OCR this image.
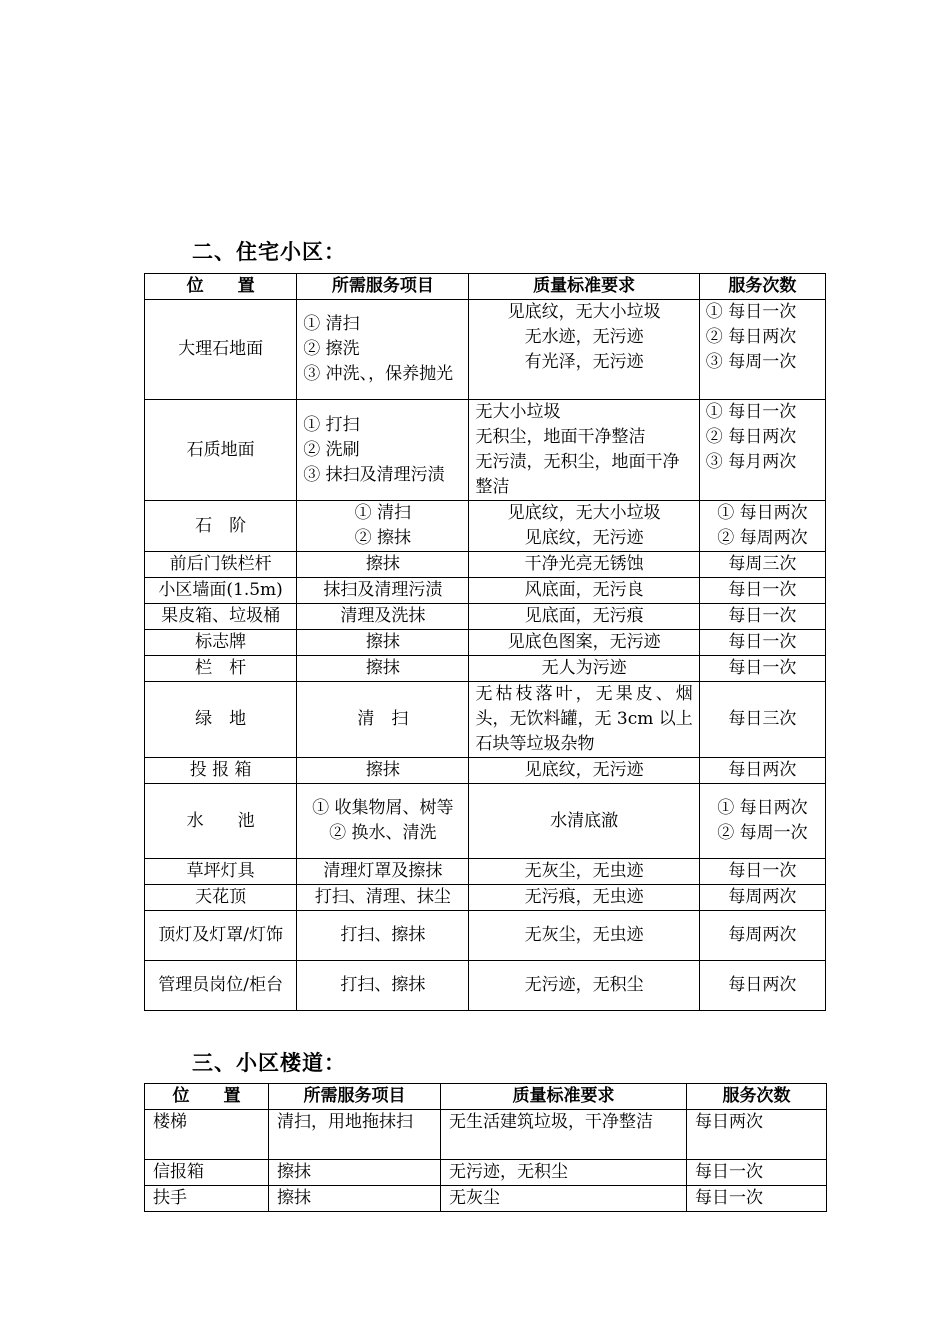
二、住宅小区：
位　　置	所需服务项目	质量标准要求	服务次数
大理石地面	① 清扫
② 擦洗
③ 冲洗、，保养抛光	见底纹，无大小垃圾
无水迹，无污迹
有光泽，无污迹	① 每日一次
② 每日两次
③ 每周一次

石质地面	① 打扫
② 洗刷
③ 抹扫及清理污渍	无大小垃圾
无积尘，地面干净整洁
无污渍，无积尘，地面干净整洁	① 每日一次
② 每日两次
③ 每月两次

石　阶	① 清扫
② 擦抹	见底纹，无大小垃圾
见底纹，无污迹	① 每日两次
② 每周两次

前后门铁栏杆	擦抹	干净光亮无锈蚀	每周三次
小区墙面(1.5m)	抹扫及清理污渍	风底面，无污良	每日一次
果皮箱、垃圾桶	清理及洗抹	见底面，无污痕	每日一次
标志牌	擦抹	见底色图案，无污迹	每日一次
栏　杆	擦抹	无人为污迹	每日一次
绿　地	清　扫	无枯枝落叶，无果皮、烟头，无饮料罐，无 3cm 以上石块等垃圾杂物	每日三次
投 报 箱	擦抹	见底纹，无污迹	每日两次
水　　池	① 收集物屑、树等
② 换水、清洗	水清底澈	① 每日两次
② 每周一次

草坪灯具	清理灯罩及擦抹	无灰尘，无虫迹	每日一次
天花顶	打扫、清理、抹尘	无污痕，无虫迹	每周两次
顶灯及灯罩/灯饰	打扫、擦抹	无灰尘，无虫迹	每周两次
管理员岗位/柜台	打扫、擦抹	无污迹，无积尘	每日两次
三、小区楼道：
位　　置	所需服务项目	质量标准要求	服务次数
楼梯	清扫，用地拖抹扫	无生活建筑垃圾，干净整洁	每日两次
信报箱	擦抹	无污迹，无积尘	每日一次
扶手	擦抹	无灰尘	每日一次
